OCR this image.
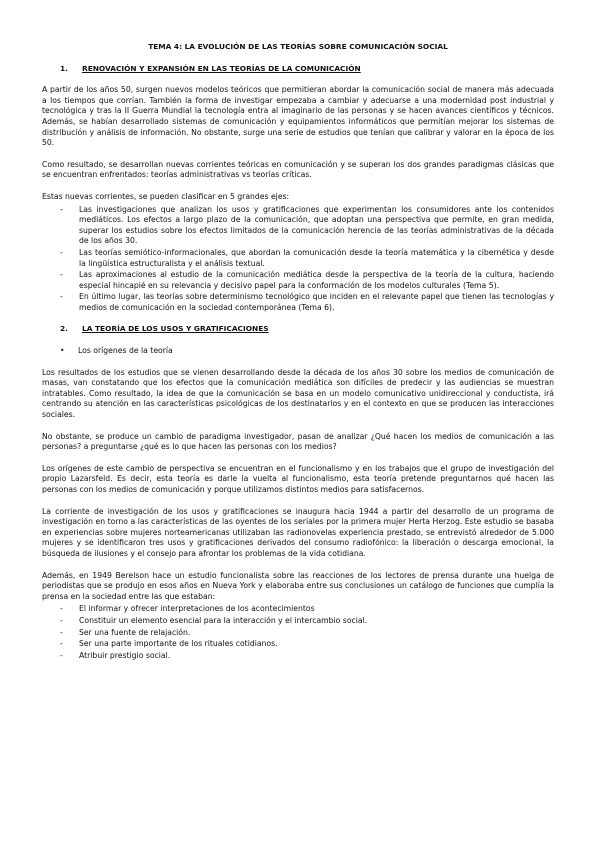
TEMA 4: LA EVOLUCIÓN DE LAS TEORÍAS SOBRE COMUNICACIÓN SOCIAL
1.	RENOVACIÓN Y EXPANSIÓN EN LAS TEORÍAS DE LA COMUNICACIÓN

A partir de los años 50, surgen nuevos modelos teóricos que permitieran abordar la comunicación social de manera más adecuada a los tiempos que corrían. También la forma de investigar empezaba a cambiar y adecuarse a una modernidad post industrial y tecnológica y tras la II Guerra Mundial la tecnología entra al imaginario de las personas y se hacen avances científicos y técnicos. Además, se habían desarrollado sistemas de comunicación y equipamientos informáticos que permitían mejorar los sistemas de distribución y análisis de información. No obstante, surge una serie de estudios que tenían que calibrar y valorar en la época de los 50.

Como resultado, se desarrollan nuevas corrientes teóricas en comunicación y se superan los dos grandes paradigmas clásicas que se encuentran enfrentados: teorías administrativas vs teorías críticas.

Estas nuevas corrientes, se pueden clasificar en 5 grandes ejes:

- Las investigaciones que analizan los usos y gratificaciones que experimentan los consumidores ante los contenidos mediáticos. Los efectos a largo plazo de la comunicación, que adoptan una perspectiva que permite, en gran medida, superar los estudios sobre los efectos limitados de la comunicación herencia de las teorías administrativas de la década de los años 30.
- Las teorías semiótico-informacionales, que abordan la comunicación desde la teoría matemática y la cibernética y desde la lingüística estructuralista y el análisis textual.
- Las aproximaciones al estudio de la comunicación mediática desde la perspectiva de la teoría de la cultura, haciendo especial hincapié en su relevancia y decisivo papel para la conformación de los modelos culturales (Tema 5).
- En último lugar, las teorías sobre determinismo tecnológico que inciden en el relevante papel que tienen las tecnologías y medios de comunicación en la sociedad contemporánea (Tema 6).
2.	LA TEORÍA DE LOS USOS Y GRATIFICACIONES
•	Los orígenes de la teoría

Los resultados de los estudios que se vienen desarrollando desde la década de los años 30 sobre los medios de comunicación de masas, van constatando que los efectos que la comunicación mediática son difíciles de predecir y las audiencias se muestran intratables. Como resultado, la idea de que la comunicación se basa en un modelo comunicativo unidireccional y conductista, irá centrando su atención en las características psicológicas de los destinatarios y en el contexto en que se producen las interacciones sociales.

No obstante, se produce un cambio de paradigma investigador, pasan de analizar ¿Qué hacen los medios de comunicación a las personas? a preguntarse ¿qué es lo que hacen las personas con los medios?

Los orígenes de este cambio de perspectiva se encuentran en el funcionalismo y en los trabajos que el grupo de investigación del propio Lazarsfeld. Es decir, esta teoría es darle la vuelta al funcionalismo, esta teoría pretende preguntarnos qué hacen las personas con los medios de comunicación y porque utilizamos distintos medios para satisfacernos.

La corriente de investigación de los usos y gratificaciones se inaugura hacia 1944 a partir del desarrollo de un programa de investigación en torno a las características de las oyentes de los seriales por la primera mujer Herta Herzog. Este estudio se basaba en experiencias sobre mujeres norteamericanas utilizaban las radionovelas experiencia prestado, se entrevistó alrededor de 5.000 mujeres y se identificaron tres usos y gratificaciones derivados del consumo radiofónico: la liberación o descarga emocional, la búsqueda de ilusiones y el consejo para afrontar los problemas de la vida cotidiana.

Además, en 1949 Berelson hace un estudio funcionalista sobre las reacciones de los lectores de prensa durante una huelga de periodistas que se produjo en esos años en Nueva York y elaboraba entre sus conclusiones un catálogo de funciones que cumplía la prensa en la sociedad entre las que estaban:

- El informar y ofrecer interpretaciones de los acontecimientos
- Constituir un elemento esencial para la interacción y el intercambio social.
- Ser una fuente de relajación.
- Ser una parte importante de los rituales cotidianos.
- Atribuir prestigio social.
